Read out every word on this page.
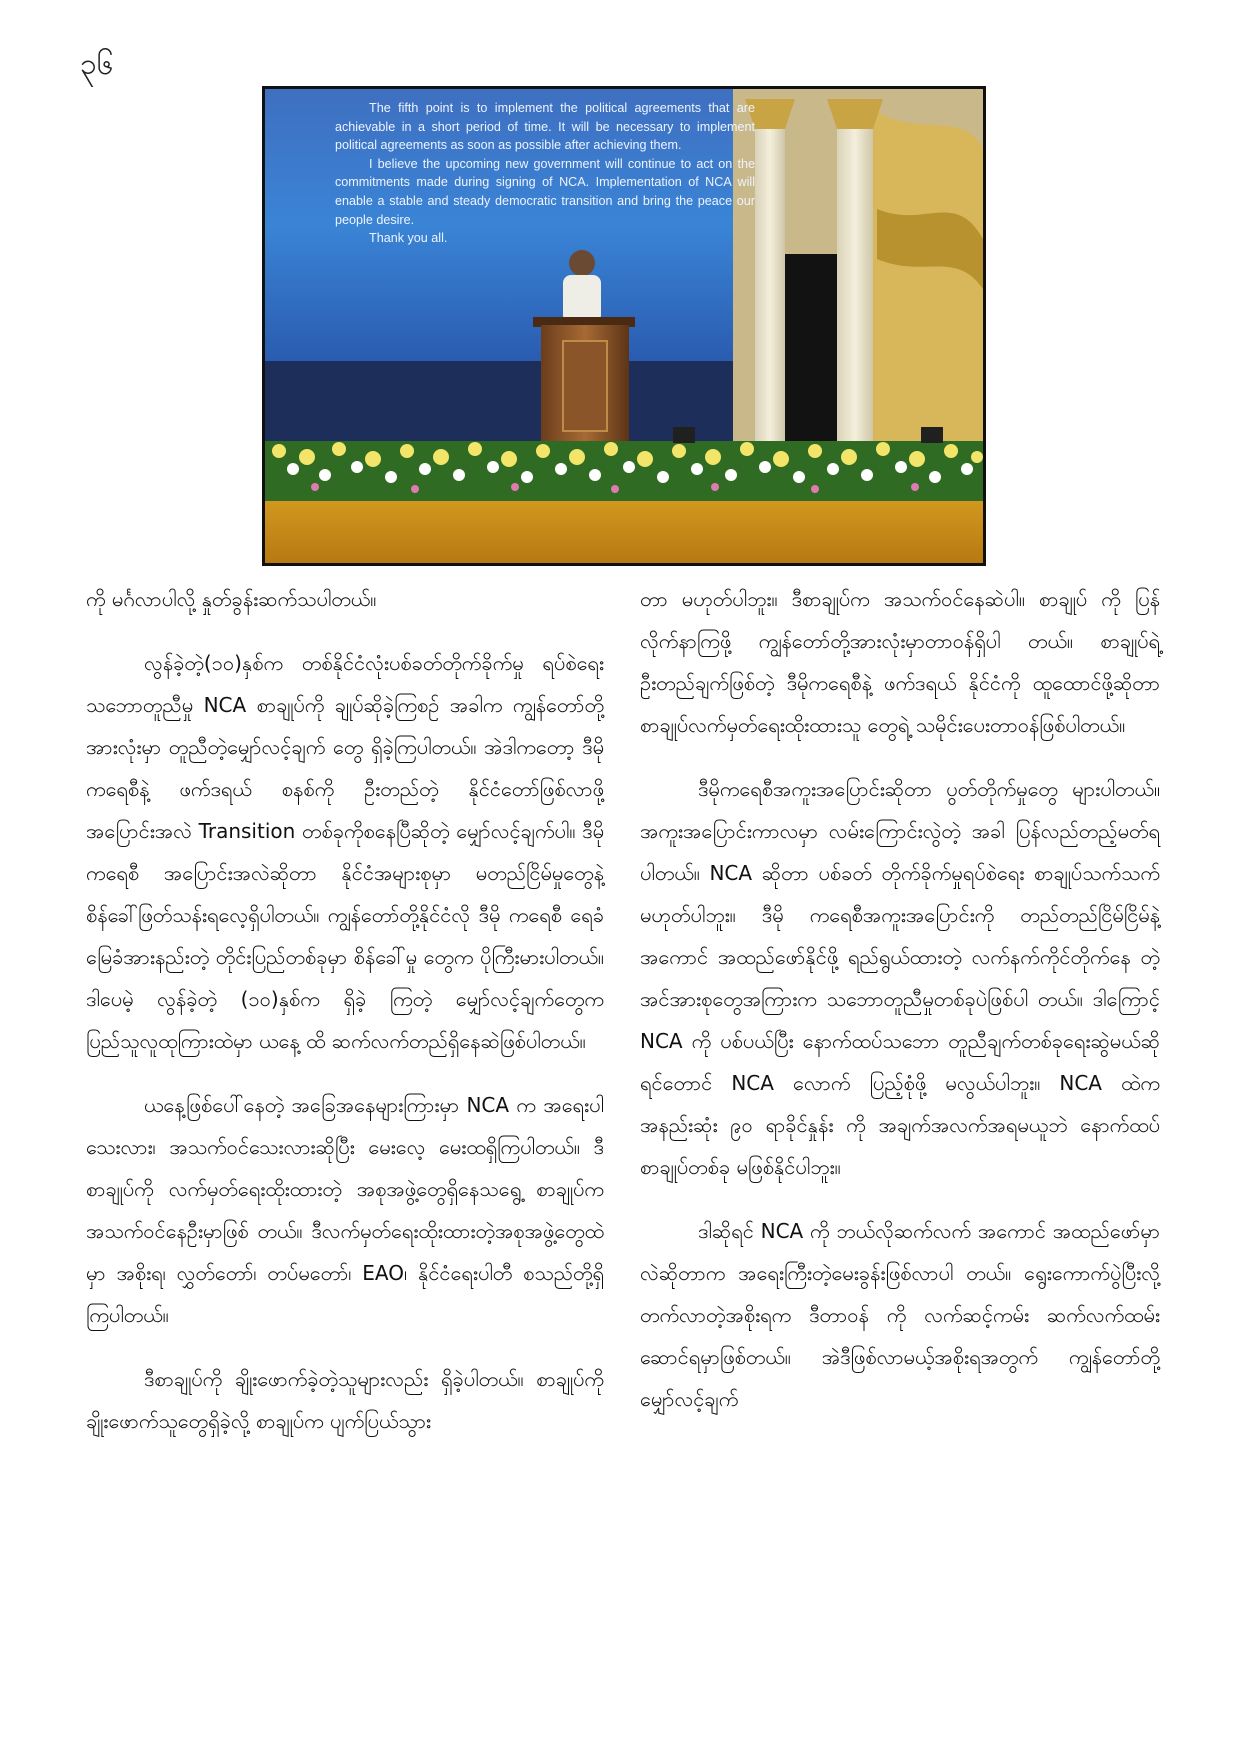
၃၆

The fifth point is to implement the political agreements that are achievable in a short period of time. It will be necessary to implement political agreements as soon as possible after achieving them.

I believe the upcoming new government will continue to act on the commitments made during signing of NCA. Implementation of NCA will enable a stable and steady democratic transition and bring the peace our people desire.

Thank you all.

ကို မင်္ဂလာပါလို့ နှုတ်ခွန်းဆက်သပါတယ်။

လွန်ခဲ့တဲ့(၁၀)နှစ်က တစ်နိုင်ငံလုံးပစ်ခတ်တိုက်ခိုက်မှု ရပ်စဲရေးသဘောတူညီမှု NCA စာချုပ်ကို ချုပ်ဆိုခဲ့ကြစဉ် အခါက ကျွန်တော်တို့အားလုံးမှာ တူညီတဲ့မျှော်လင့်ချက် တွေ ရှိခဲ့ကြပါတယ်။ အဲဒါကတော့ ဒီမိုကရေစီနဲ့ ဖက်ဒရယ် စနစ်ကို ဦးတည်တဲ့ နိုင်ငံတော်ဖြစ်လာဖို့ အပြောင်းအလဲ Transition တစ်ခုကိုစနေပြီဆိုတဲ့ မျှော်လင့်ချက်ပါ။ ဒီမိုကရေစီ အပြောင်းအလဲဆိုတာ နိုင်ငံအများစုမှာ မတည်ငြိမ်မှုတွေနဲ့ စိန်ခေါ်ဖြတ်သန်းရလေ့ရှိပါတယ်။ ကျွန်တော်တို့နိုင်ငံလို ဒီမို ကရေစီ ရေခံမြေခံအားနည်းတဲ့ တိုင်းပြည်တစ်ခုမှာ စိန်ခေါ်မှု တွေက ပိုကြီးမားပါတယ်။ ဒါပေမဲ့ လွန်ခဲ့တဲ့ (၁၀)နှစ်က ရှိခဲ့ ကြတဲ့ မျှော်လင့်ချက်တွေက ပြည်သူလူထုကြားထဲမှာ ယနေ့ ထိ ဆက်လက်တည်ရှိနေဆဲဖြစ်ပါတယ်။

ယနေ့ဖြစ်ပေါ်နေတဲ့ အခြေအနေများကြားမှာ NCA က အရေးပါသေးလား၊ အသက်ဝင်သေးလားဆိုပြီး မေးလေ့ မေးထရှိကြပါတယ်။ ဒီစာချုပ်ကို လက်မှတ်ရေးထိုးထားတဲ့ အစုအဖွဲ့တွေရှိနေသရွေ့ စာချုပ်က အသက်ဝင်နေဦးမှာဖြစ် တယ်။ ဒီလက်မှတ်ရေးထိုးထားတဲ့အစုအဖွဲ့တွေထဲမှာ အစိုးရ၊ လွှတ်တော်၊ တပ်မတော်၊ EAO၊ နိုင်ငံရေးပါတီ စသည်တို့ရှိ ကြပါတယ်။

ဒီစာချုပ်ကို ချိုးဖောက်ခဲ့တဲ့သူများလည်း ရှိခဲ့ပါတယ်။ စာချုပ်ကို ချိုးဖောက်သူတွေရှိခဲ့လို့ စာချုပ်က ပျက်ပြယ်သွား

တာ မဟုတ်ပါဘူး။ ဒီစာချုပ်က အသက်ဝင်နေဆဲပါ။ စာချုပ် ကို ပြန်လိုက်နာကြဖို့ ကျွန်တော်တို့အားလုံးမှာတာဝန်ရှိပါ တယ်။ စာချုပ်ရဲ့ဦးတည်ချက်ဖြစ်တဲ့ ဒီမိုကရေစီနဲ့ ဖက်ဒရယ် နိုင်ငံကို ထူထောင်ဖို့ဆိုတာ စာချုပ်လက်မှတ်ရေးထိုးထားသူ တွေရဲ့ သမိုင်းပေးတာဝန်ဖြစ်ပါတယ်။

ဒီမိုကရေစီအကူးအပြောင်းဆိုတာ ပွတ်တိုက်မှုတွေ များပါတယ်။ အကူးအပြောင်းကာလမှာ လမ်းကြောင်းလွဲတဲ့ အခါ ပြန်လည်တည့်မတ်ရပါတယ်။ NCA ဆိုတာ ပစ်ခတ် တိုက်ခိုက်မှုရပ်စဲရေး စာချုပ်သက်သက် မဟုတ်ပါဘူး။ ဒီမို ကရေစီအကူးအပြောင်းကို တည်တည်ငြိမ်ငြိမ်နဲ့ အကောင် အထည်ဖော်နိုင်ဖို့ ရည်ရွယ်ထားတဲ့ လက်နက်ကိုင်တိုက်နေ တဲ့ အင်အားစုတွေအကြားက သဘောတူညီမှုတစ်ခုပဲဖြစ်ပါ တယ်။ ဒါကြောင့် NCA ကို ပစ်ပယ်ပြီး နောက်ထပ်သဘော တူညီချက်တစ်ခုရေးဆွဲမယ်ဆိုရင်တောင် NCA လောက် ပြည့်စုံဖို့ မလွယ်ပါဘူး။ NCA ထဲက အနည်းဆုံး ၉၀ ရာခိုင်နှုန်း ကို အချက်အလက်အရမယူဘဲ နောက်ထပ်စာချုပ်တစ်ခု မဖြစ်နိုင်ပါဘူး။

ဒါဆိုရင် NCA ကို ဘယ်လိုဆက်လက် အကောင် အထည်ဖော်မှာလဲဆိုတာက အရေးကြီးတဲ့မေးခွန်းဖြစ်လာပါ တယ်။ ရွေးကောက်ပွဲပြီးလို့ တက်လာတဲ့အစိုးရက ဒီတာဝန် ကို လက်ဆင့်ကမ်း ဆက်လက်ထမ်းဆောင်ရမှာဖြစ်တယ်။ အဲဒီဖြစ်လာမယ့်အစိုးရအတွက် ကျွန်တော်တို့မျှော်လင့်ချက်
